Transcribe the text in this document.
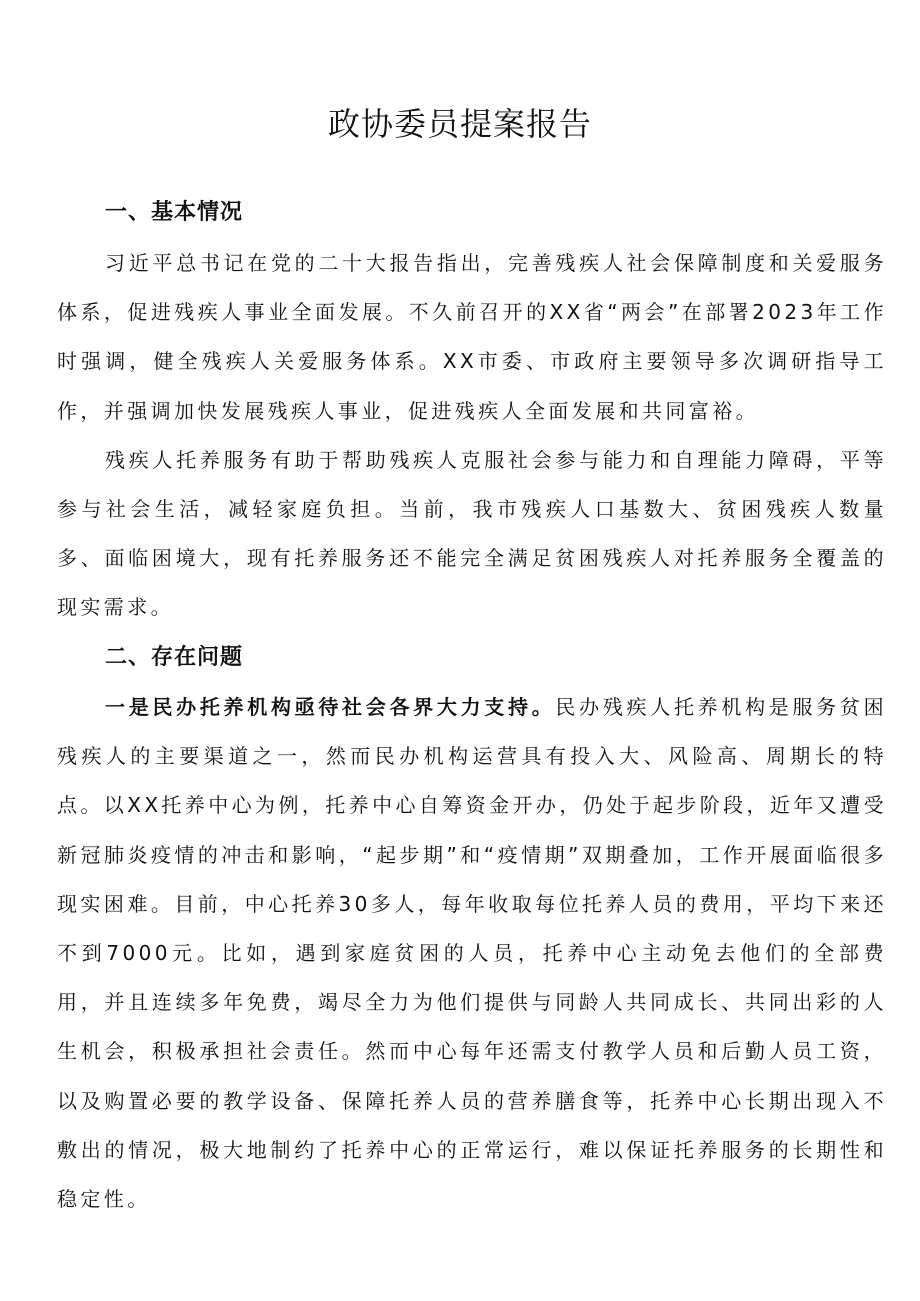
政协委员提案报告
一、基本情况

习近平总书记在党的二十大报告指出，完善残疾人社会保障制度和关爱服务体系，促进残疾人事业全面发展。不久前召开的XX省“两会”在部署2023年工作时强调，健全残疾人关爱服务体系。XX市委、市政府主要领导多次调研指导工作，并强调加快发展残疾人事业，促进残疾人全面发展和共同富裕。

残疾人托养服务有助于帮助残疾人克服社会参与能力和自理能力障碍，平等参与社会生活，减轻家庭负担。当前，我市残疾人口基数大、贫困残疾人数量多、面临困境大，现有托养服务还不能完全满足贫困残疾人对托养服务全覆盖的现实需求。

二、存在问题

一是民办托养机构亟待社会各界大力支持。民办残疾人托养机构是服务贫困残疾人的主要渠道之一，然而民办机构运营具有投入大、风险高、周期长的特点。以XX托养中心为例，托养中心自筹资金开办，仍处于起步阶段，近年又遭受新冠肺炎疫情的冲击和影响，“起步期”和“疫情期”双期叠加，工作开展面临很多现实困难。目前，中心托养30多人，每年收取每位托养人员的费用，平均下来还不到7000元。比如，遇到家庭贫困的人员，托养中心主动免去他们的全部费用，并且连续多年免费，竭尽全力为他们提供与同龄人共同成长、共同出彩的人生机会，积极承担社会责任。然而中心每年还需支付教学人员和后勤人员工资，以及购置必要的教学设备、保障托养人员的营养膳食等，托养中心长期出现入不敷出的情况，极大地制约了托养中心的正常运行，难以保证托养服务的长期性和稳定性。
